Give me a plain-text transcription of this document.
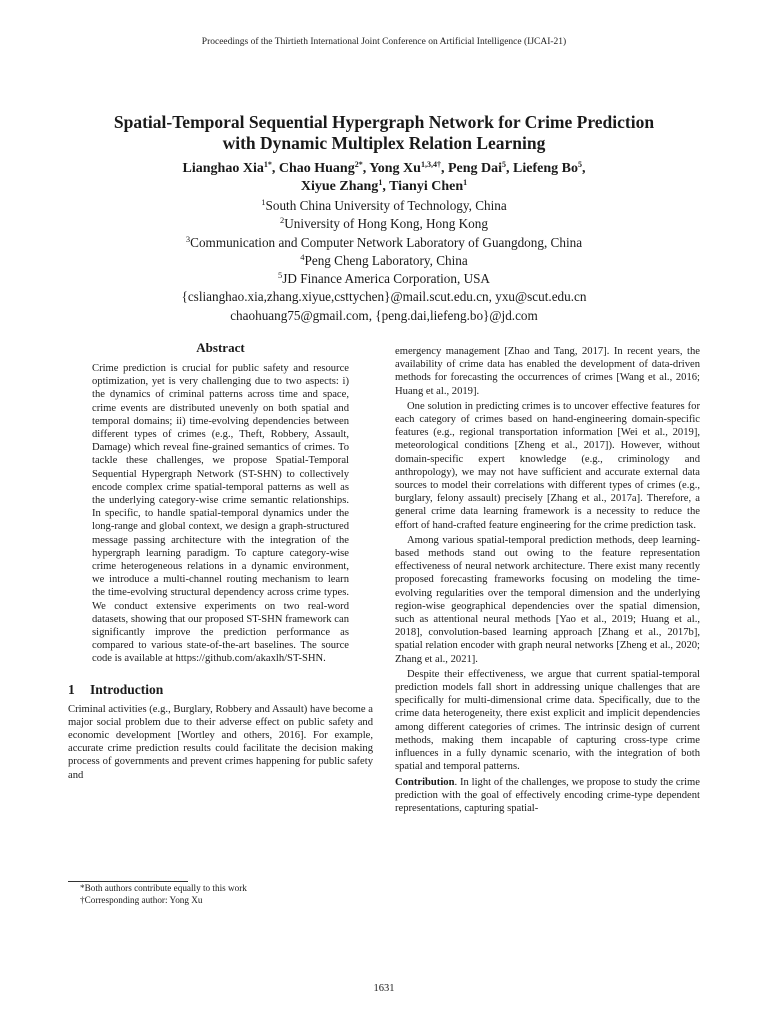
Proceedings of the Thirtieth International Joint Conference on Artificial Intelligence (IJCAI-21)
Spatial-Temporal Sequential Hypergraph Network for Crime Prediction
with Dynamic Multiplex Relation Learning
Lianghao Xia$^{1*}$, Chao Huang$^{2*}$, Yong $Xu^{1,3,4\dagger}$, Peng Dai$^5$, Liefeng Bo$^5$,
Xiyue Zhang$^1$, Tianyi Chen$^1$
$^1$South China University of Technology, China
$^2$University of Hong Kong, Hong Kong
$^3$Communication and Computer Network Laboratory of Guangdong, China
$^4$Peng Cheng Laboratory, China
$^5$JD Finance America Corporation, USA
{cslianghao.xia,zhang.xiyue,csttychen}@mail.scut.edu.cn, yxu@scut.edu.cn
chaohuang75@gmail.com, {peng.dai,liefeng.bo}@jd.com
Abstract
Crime prediction is crucial for public safety and resource optimization, yet is very challenging due to two aspects: i) the dynamics of criminal patterns across time and space, crime events are distributed unevenly on both spatial and temporal domains; ii) time-evolving dependencies between different types of crimes (e.g., Theft, Robbery, Assault, Damage) which reveal fine-grained semantics of crimes. To tackle these challenges, we propose Spatial-Temporal Sequential Hypergraph Network (ST-SHN) to collectively encode complex crime spatial-temporal patterns as well as the underlying category-wise crime semantic relationships. In specific, to handle spatial-temporal dynamics under the long-range and global context, we design a graph-structured message passing architecture with the integration of the hypergraph learning paradigm. To capture category-wise crime heterogeneous relations in a dynamic environment, we introduce a multi-channel routing mechanism to learn the time-evolving structural dependency across crime types. We conduct extensive experiments on two real-word datasets, showing that our proposed ST-SHN framework can significantly improve the prediction performance as compared to various state-of-the-art baselines. The source code is available at https://github.com/akaxlh/ST-SHN.
1 Introduction

Criminal activities (e.g., Burglary, Robbery and Assault) have become a major social problem due to their adverse effect on public safety and economic development [Wortley and others, 2016]. For example, accurate crime prediction results could facilitate the decision making process of governments and prevent crimes happening for public safety and

emergency management [Zhao and Tang, 2017]. In recent years, the availability of crime data has enabled the development of data-driven methods for forecasting the occurrences of crimes [Wang et al., 2016; Huang et al., 2019].

One solution in predicting crimes is to uncover effective features for each category of crimes based on hand-engineering domain-specific features (e.g., regional transportation information [Wei et al., 2019], meteorological conditions [Zheng et al., 2017]). However, without domain-specific expert knowledge (e.g., criminology and anthropology), we may not have sufficient and accurate external data sources to model their correlations with different types of crimes (e.g., burglary, felony assault) precisely [Zhang et al., 2017a]. Therefore, a general crime data learning framework is a necessity to reduce the effort of hand-crafted feature engineering for the crime prediction task.

Among various spatial-temporal prediction methods, deep learning-based methods stand out owing to the feature representation effectiveness of neural network architecture. There exist many recently proposed forecasting frameworks focusing on modeling the time-evolving regularities over the temporal dimension and the underlying region-wise geographical dependencies over the spatial dimension, such as attentional neural methods [Yao et al., 2019; Huang et al., 2018], convolution-based learning approach [Zhang et al., 2017b], spatial relation encoder with graph neural networks [Zheng et al., 2020; Zhang et al., 2021].

Despite their effectiveness, we argue that current spatial-temporal prediction models fall short in addressing unique challenges that are specifically for multi-dimensional crime data. Specifically, due to the crime data heterogeneity, there exist explicit and implicit dependencies among different categories of crimes. The intrinsic design of current methods, making them incapable of capturing cross-type crime influences in a fully dynamic scenario, with the integration of both spatial and temporal patterns.

Contribution. In light of the challenges, we propose to study the crime prediction with the goal of effectively encoding crime-type dependent representations, capturing spatial-

*Both authors contribute equally to this work
†Corresponding author: Yong Xu
1631
